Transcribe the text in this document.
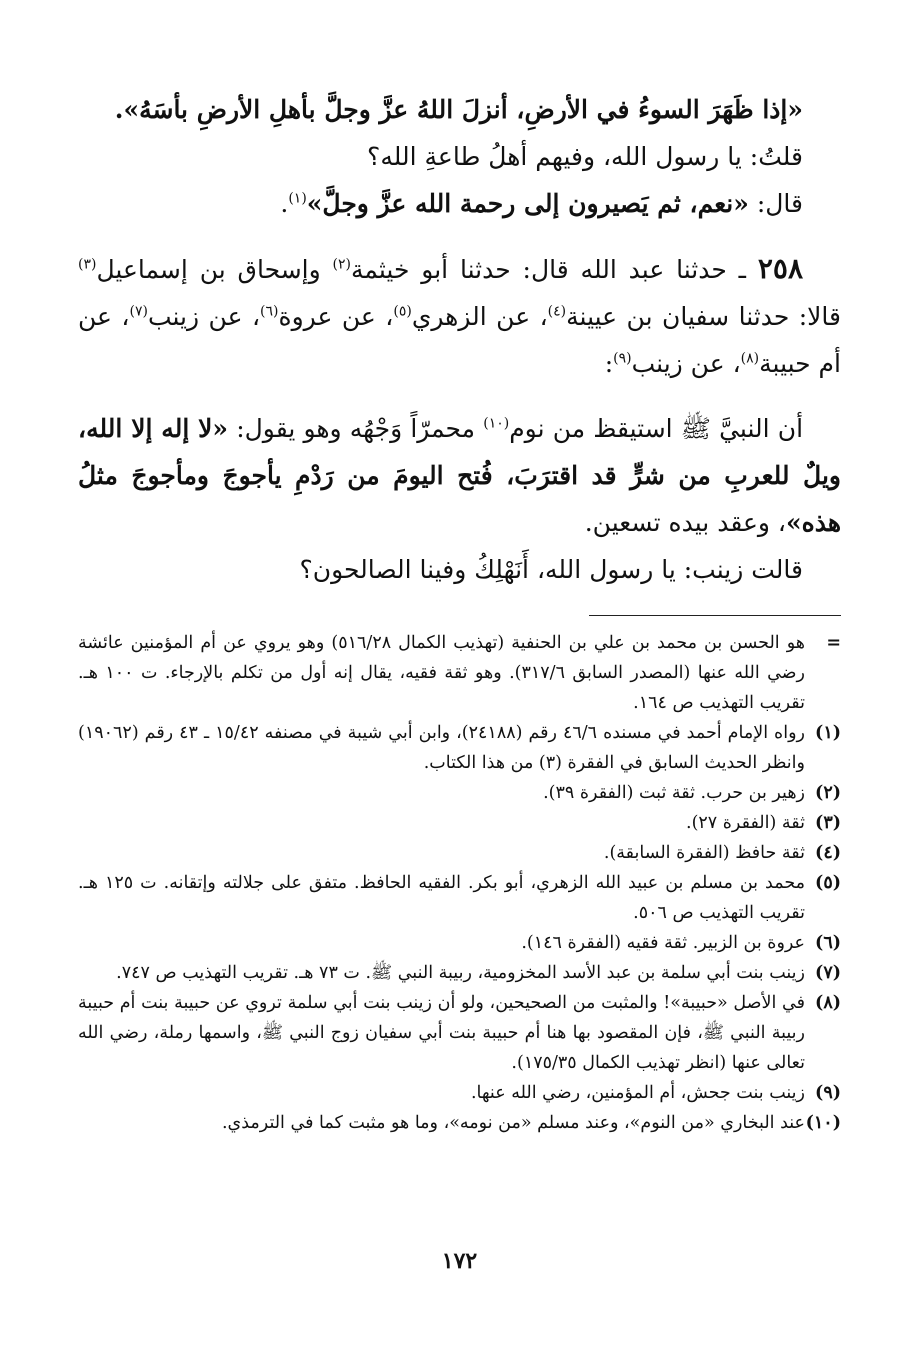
«إذا ظَهَرَ السوءُ في الأرضِ، أنزلَ اللهُ عزَّ وجلَّ بأهلِ الأرضِ بأسَهُ».

قلتُ: يا رسول الله، وفيهم أهلُ طاعةِ الله؟

قال: «نعم، ثم يَصيرون إلى رحمة الله عزَّ وجلَّ»$^{(١)}$.

٢٥٨ ـ حدثنا عبد الله قال: حدثنا أبو خيثمة$^{(٢)}$ وإسحاق بن إسماعيل$^{(٣)}$ قالا: حدثنا سفيان بن عيينة$^{(٤)}$، عن الزهري$^{(٥)}$، عن عروة$^{(٦)}$، عن زينب$^{(٧)}$، عن أم حبيبة$^{(٨)}$، عن زينب$^{(٩)}$:

أن النبيَّ ﷺ استيقظ من نوم$^{(١٠)}$ محمرّاً وَجْهُه وهو يقول: «لا إله إلا الله، ويلٌ للعربِ من شرٍّ قد اقترَبَ، فُتح اليومَ من رَدْمِ يأجوجَ ومأجوجَ مثلُ هذه»، وعقد بيده تسعين.

قالت زينب: يا رسول الله، أَنَهْلِكُ وفينا الصالحون؟

=
هو الحسن بن محمد بن علي بن الحنفية (تهذيب الكمال ٥١٦/٢٨) وهو يروي عن أم المؤمنين عائشة رضي الله عنها (المصدر السابق ٣١٧/٦). وهو ثقة فقيه، يقال إنه أول من تكلم بالإرجاء. ت ١٠٠ هـ. تقريب التهذيب ص ١٦٤.
(١)
رواه الإمام أحمد في مسنده ٤٦/٦ رقم (٢٤١٨٨)، وابن أبي شيبة في مصنفه ١٥/٤٢ ـ ٤٣ رقم (١٩٠٦٢) وانظر الحديث السابق في الفقرة (٣) من هذا الكتاب.
(٢)
زهير بن حرب. ثقة ثبت (الفقرة ٣٩).
(٣)
ثقة (الفقرة ٢٧).
(٤)
ثقة حافظ (الفقرة السابقة).
(٥)
محمد بن مسلم بن عبيد الله الزهري، أبو بكر. الفقيه الحافظ. متفق على جلالته وإتقانه. ت ١٢٥ هـ. تقريب التهذيب ص ٥٠٦.
(٦)
عروة بن الزبير. ثقة فقيه (الفقرة ١٤٦).
(٧)
زينب بنت أبي سلمة بن عبد الأسد المخزومية، ربيبة النبي ﷺ. ت ٧٣ هـ. تقريب التهذيب ص ٧٤٧.
(٨)
في الأصل «حبيبة»! والمثبت من الصحيحين، ولو أن زينب بنت أبي سلمة تروي عن حبيبة بنت أم حبيبة ربيبة النبي ﷺ، فإن المقصود بها هنا أم حبيبة بنت أبي سفيان زوج النبي ﷺ، واسمها رملة، رضي الله تعالى عنها (انظر تهذيب الكمال ١٧٥/٣٥).
(٩)
زينب بنت جحش، أم المؤمنين، رضي الله عنها.
(١٠)
عند البخاري «من النوم»، وعند مسلم «من نومه»، وما هو مثبت كما في الترمذي.
١٧٢
